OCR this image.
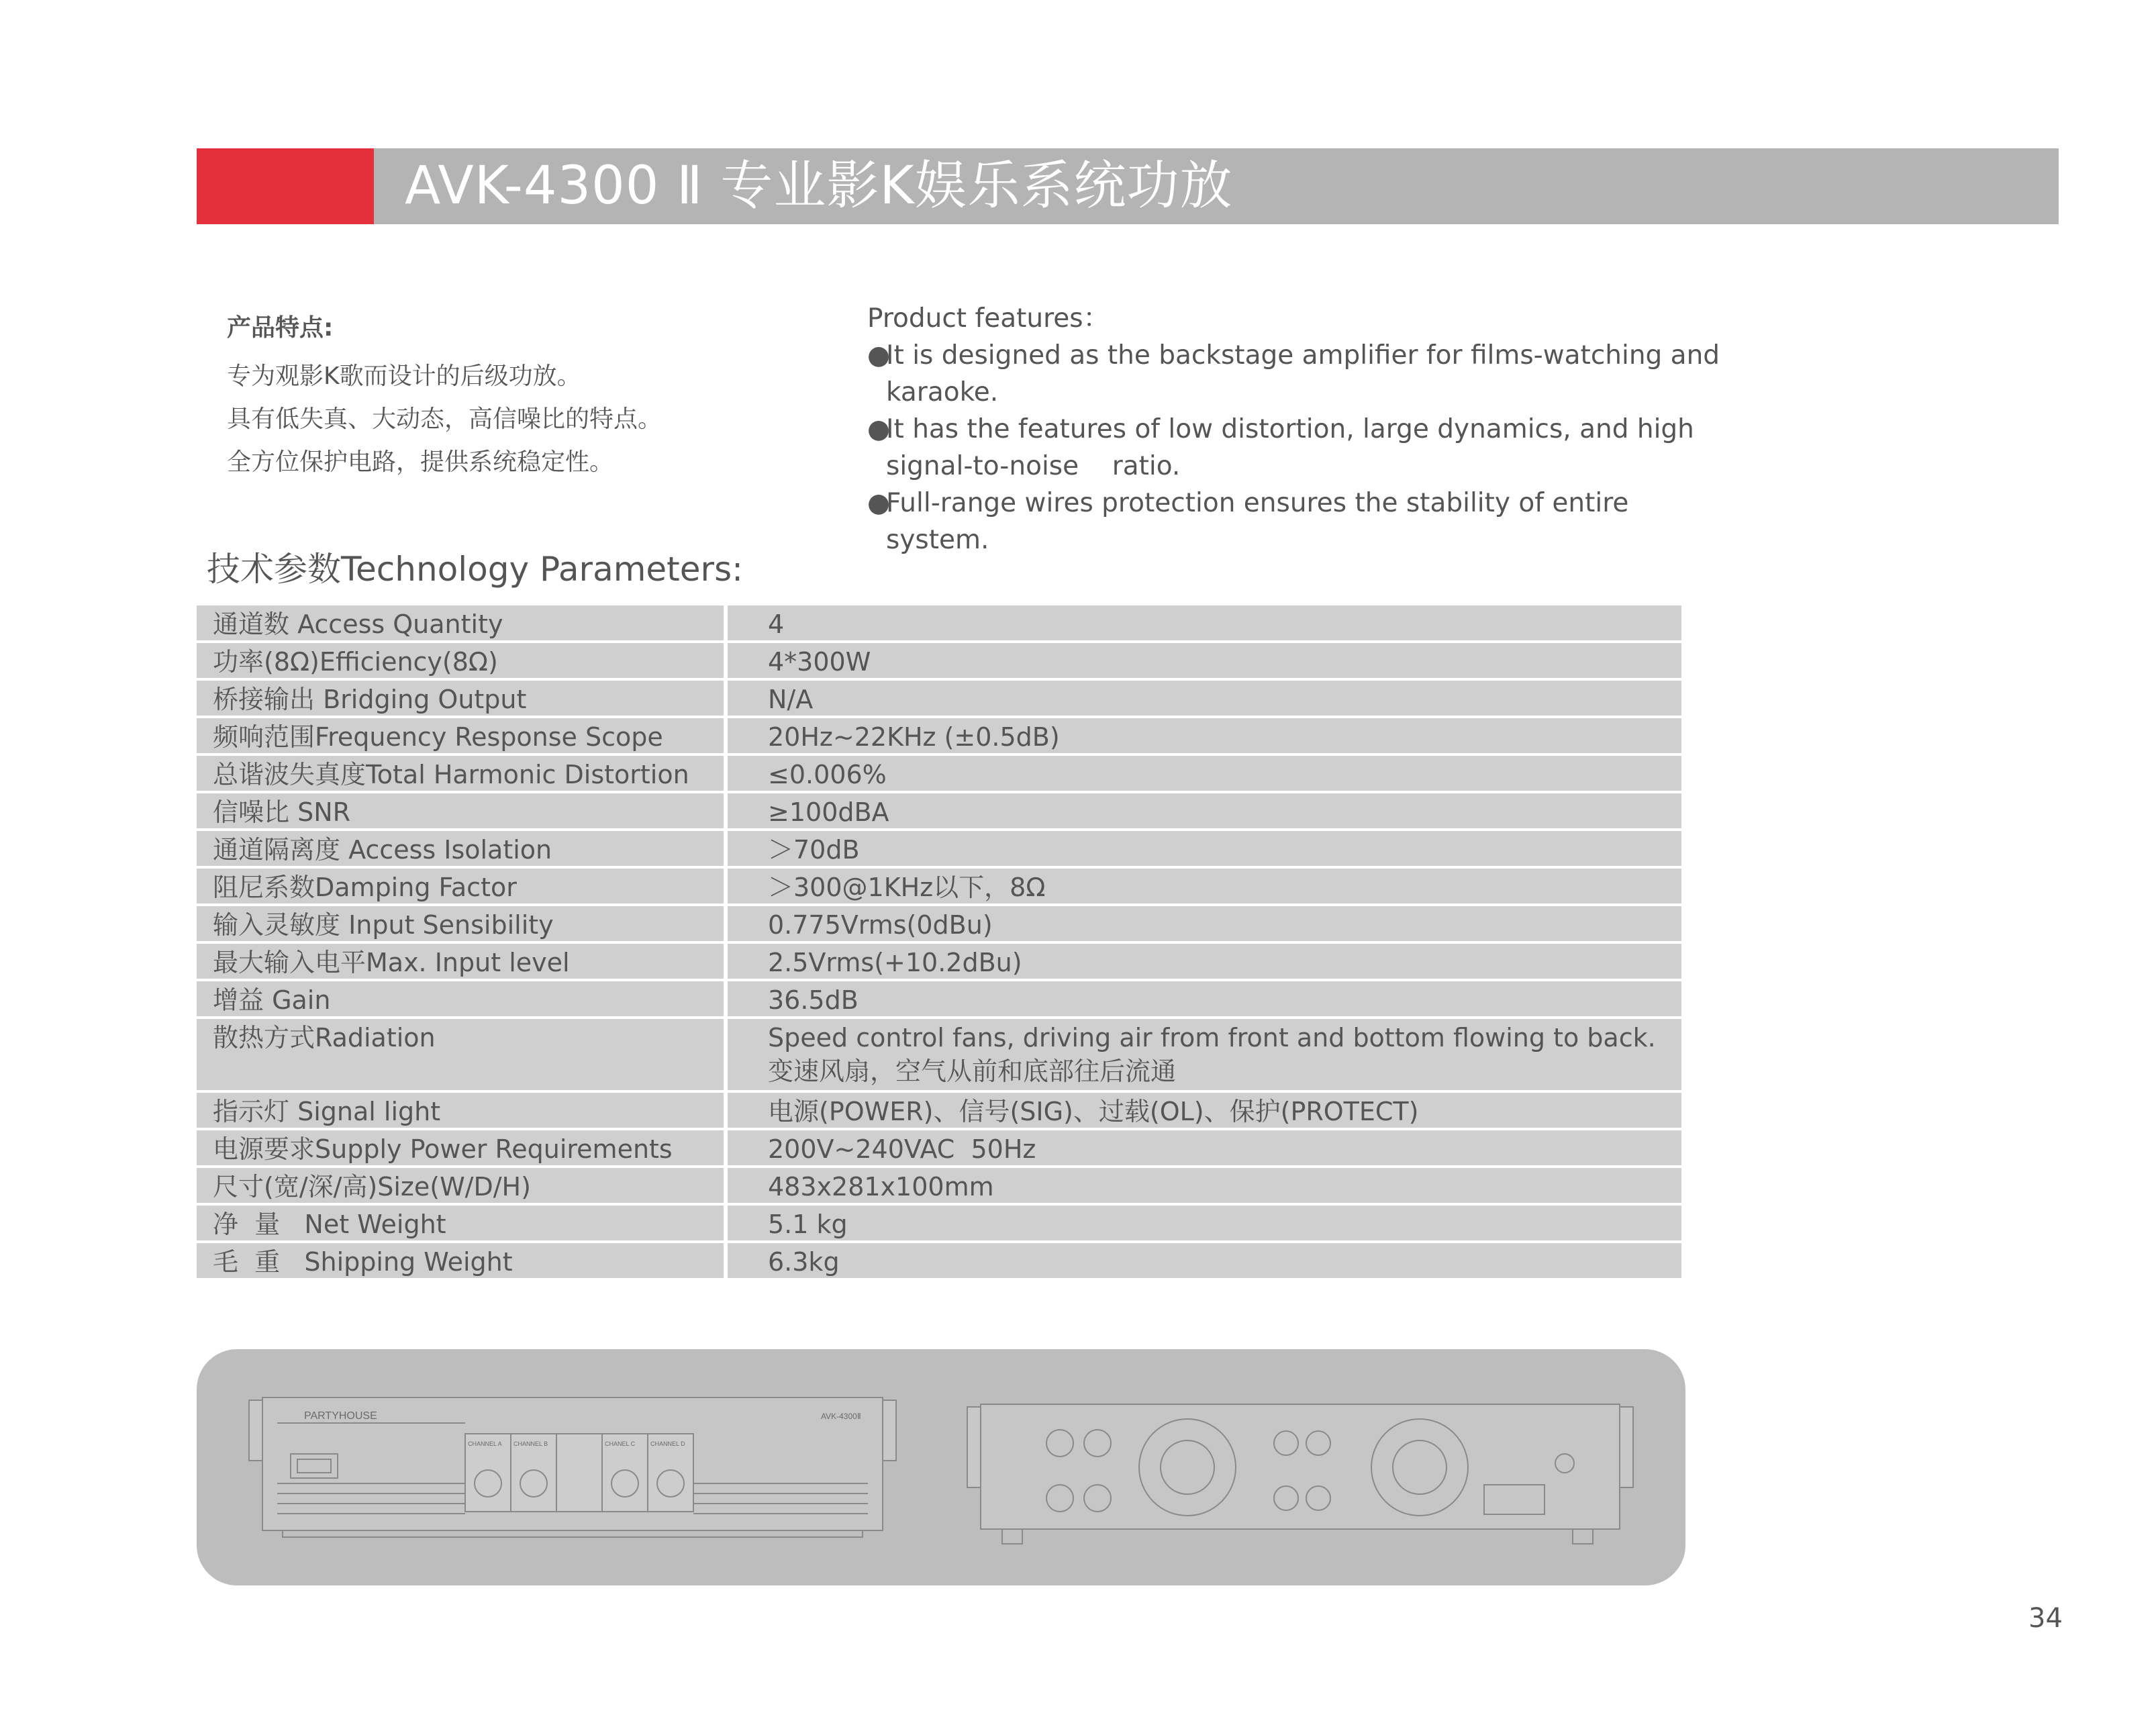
AVK-4300 Ⅱ 专业影K娱乐系统功放
产品特点:
专为观影K歌而设计的后级功放。
具有低失真、大动态，高信噪比的特点。
全方位保护电路，提供系统稳定性。
Product features：
●
It is designed as the backstage amplifier for films-watching and karaoke.
●
It has the features of low distortion, large dynamics, and high signal-to-noise    ratio.
●
Full-range wires protection ensures the stability of entire system.
技术参数Technology Parameters:
通道数 Access Quantity	4
功率(8Ω)Efficiency(8Ω)	4*300W
桥接输出 Bridging Output	N/A
频响范围Frequency Response Scope	20Hz~22KHz (±0.5dB)
总谐波失真度Total Harmonic Distortion	≤0.006%
信噪比 SNR	≥100dBA
通道隔离度 Access Isolation	＞70dB
阻尼系数Damping Factor	＞300@1KHz以下，8Ω
输入灵敏度 Input Sensibility	0.775Vrms(0dBu)
最大输入电平Max. Input level	2.5Vrms(+10.2dBu)
增益 Gain	36.5dB
散热方式Radiation	Speed control fans, driving air from front and bottom flowing to back.
变速风扇，空气从前和底部往后流通
指示灯 Signal light	电源(POWER)、信号(SIG)、过载(OL)、保护(PROTECT)
电源要求Supply Power Requirements	200V~240VAC  50Hz
尺寸(宽/深/高)Size(W/D/H)	483x281x100mm
净  量   Net Weight	5.1 kg
毛  重   Shipping Weight	6.3kg
PARTYHOUSE	AVK-4300Ⅱ
CHANNEL A CHANNEL B	CHANEL C	CHANNEL D
34
